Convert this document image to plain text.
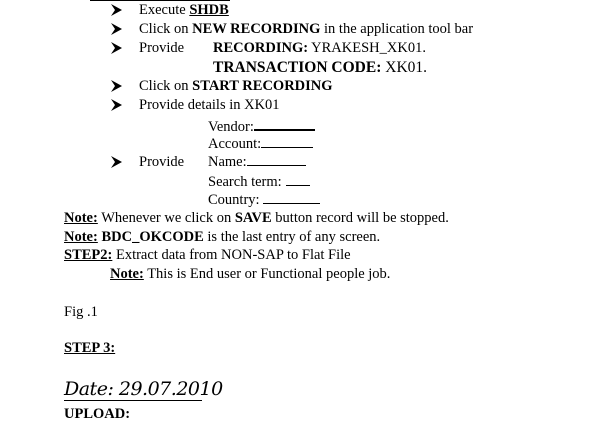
Execute SHDB
Click on NEW RECORDING in the application tool bar
Provide RECORDING: YRAKESH_XK01.
TRANSACTION CODE: XK01.
Click on START RECORDING
Provide details in XK01
Vendor:
Account:
Provide Name:
Search term:
Country:
Note: Whenever we click on SAVE button record will be stopped.
Note: BDC_OKCODE is the last entry of any screen.
STEP2: Extract data from NON-SAP to Flat File
Note: This is End user or Functional people job.
Fig .1
STEP 3:
Date: 29.07.2010
UPLOAD:
